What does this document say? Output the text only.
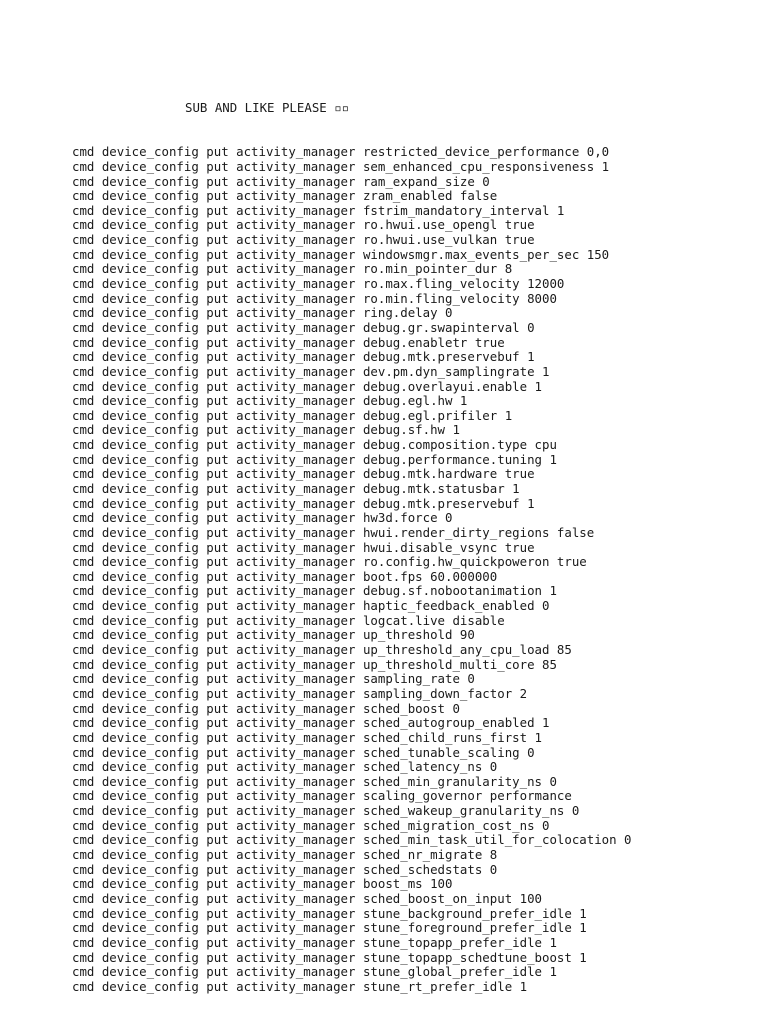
SUB AND LIKE PLEASE ▫▫

cmd device_config put activity_manager restricted_device_performance 0,0
cmd device_config put activity_manager sem_enhanced_cpu_responsiveness 1
cmd device_config put activity_manager ram_expand_size 0
cmd device_config put activity_manager zram_enabled false
cmd device_config put activity_manager fstrim_mandatory_interval 1
cmd device_config put activity_manager ro.hwui.use_opengl true
cmd device_config put activity_manager ro.hwui.use_vulkan true
cmd device_config put activity_manager windowsmgr.max_events_per_sec 150
cmd device_config put activity_manager ro.min_pointer_dur 8
cmd device_config put activity_manager ro.max.fling_velocity 12000
cmd device_config put activity_manager ro.min.fling_velocity 8000
cmd device_config put activity_manager ring.delay 0
cmd device_config put activity_manager debug.gr.swapinterval 0
cmd device_config put activity_manager debug.enabletr true
cmd device_config put activity_manager debug.mtk.preservebuf 1
cmd device_config put activity_manager dev.pm.dyn_samplingrate 1
cmd device_config put activity_manager debug.overlayui.enable 1
cmd device_config put activity_manager debug.egl.hw 1
cmd device_config put activity_manager debug.egl.prifiler 1
cmd device_config put activity_manager debug.sf.hw 1
cmd device_config put activity_manager debug.composition.type cpu
cmd device_config put activity_manager debug.performance.tuning 1
cmd device_config put activity_manager debug.mtk.hardware true
cmd device_config put activity_manager debug.mtk.statusbar 1
cmd device_config put activity_manager debug.mtk.preservebuf 1
cmd device_config put activity_manager hw3d.force 0
cmd device_config put activity_manager hwui.render_dirty_regions false
cmd device_config put activity_manager hwui.disable_vsync true
cmd device_config put activity_manager ro.config.hw_quickpoweron true
cmd device_config put activity_manager boot.fps 60.000000
cmd device_config put activity_manager debug.sf.nobootanimation 1
cmd device_config put activity_manager haptic_feedback_enabled 0
cmd device_config put activity_manager logcat.live disable
cmd device_config put activity_manager up_threshold 90
cmd device_config put activity_manager up_threshold_any_cpu_load 85
cmd device_config put activity_manager up_threshold_multi_core 85
cmd device_config put activity_manager sampling_rate 0
cmd device_config put activity_manager sampling_down_factor 2
cmd device_config put activity_manager sched_boost 0
cmd device_config put activity_manager sched_autogroup_enabled 1
cmd device_config put activity_manager sched_child_runs_first 1
cmd device_config put activity_manager sched_tunable_scaling 0
cmd device_config put activity_manager sched_latency_ns 0
cmd device_config put activity_manager sched_min_granularity_ns 0
cmd device_config put activity_manager scaling_governor performance
cmd device_config put activity_manager sched_wakeup_granularity_ns 0
cmd device_config put activity_manager sched_migration_cost_ns 0
cmd device_config put activity_manager sched_min_task_util_for_colocation 0
cmd device_config put activity_manager sched_nr_migrate 8
cmd device_config put activity_manager sched_schedstats 0
cmd device_config put activity_manager boost_ms 100
cmd device_config put activity_manager sched_boost_on_input 100
cmd device_config put activity_manager stune_background_prefer_idle 1
cmd device_config put activity_manager stune_foreground_prefer_idle 1
cmd device_config put activity_manager stune_topapp_prefer_idle 1
cmd device_config put activity_manager stune_topapp_schedtune_boost 1
cmd device_config put activity_manager stune_global_prefer_idle 1
cmd device_config put activity_manager stune_rt_prefer_idle 1
